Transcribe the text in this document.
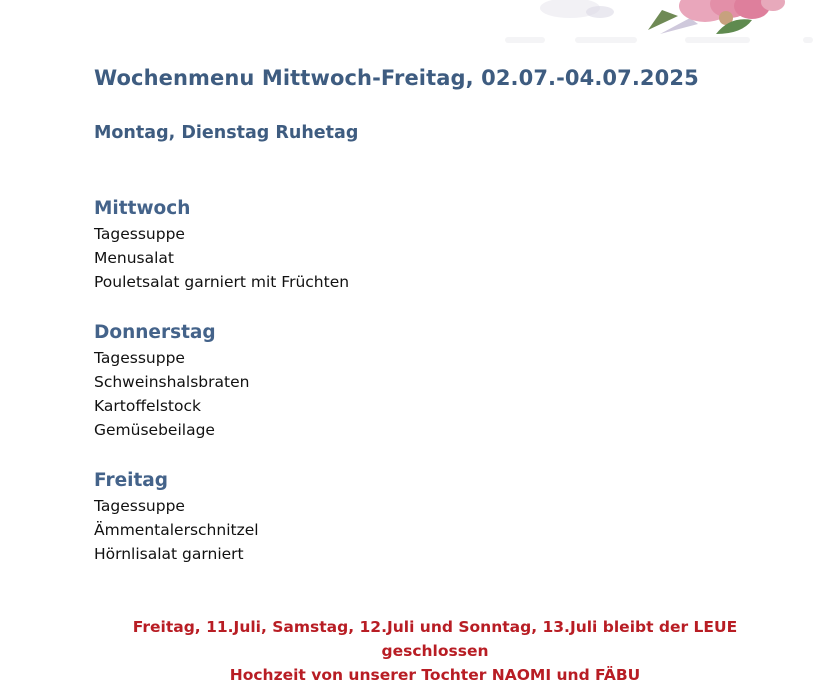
Wochenmenu Mittwoch-Freitag, 02.07.-04.07.2025
Montag, Dienstag Ruhetag
Mittwoch
Tagessuppe
Menusalat
Pouletsalat garniert mit Früchten
Donnerstag
Tagessuppe
Schweinshalsbraten
Kartoffelstock
Gemüsebeilage
Freitag
Tagessuppe
Ämmentalerschnitzel
Hörnlisalat garniert
Freitag, 11.Juli, Samstag, 12.Juli und Sonntag, 13.Juli bleibt der LEUE
geschlossen
Hochzeit von unserer Tochter NAOMI und FÄBU
